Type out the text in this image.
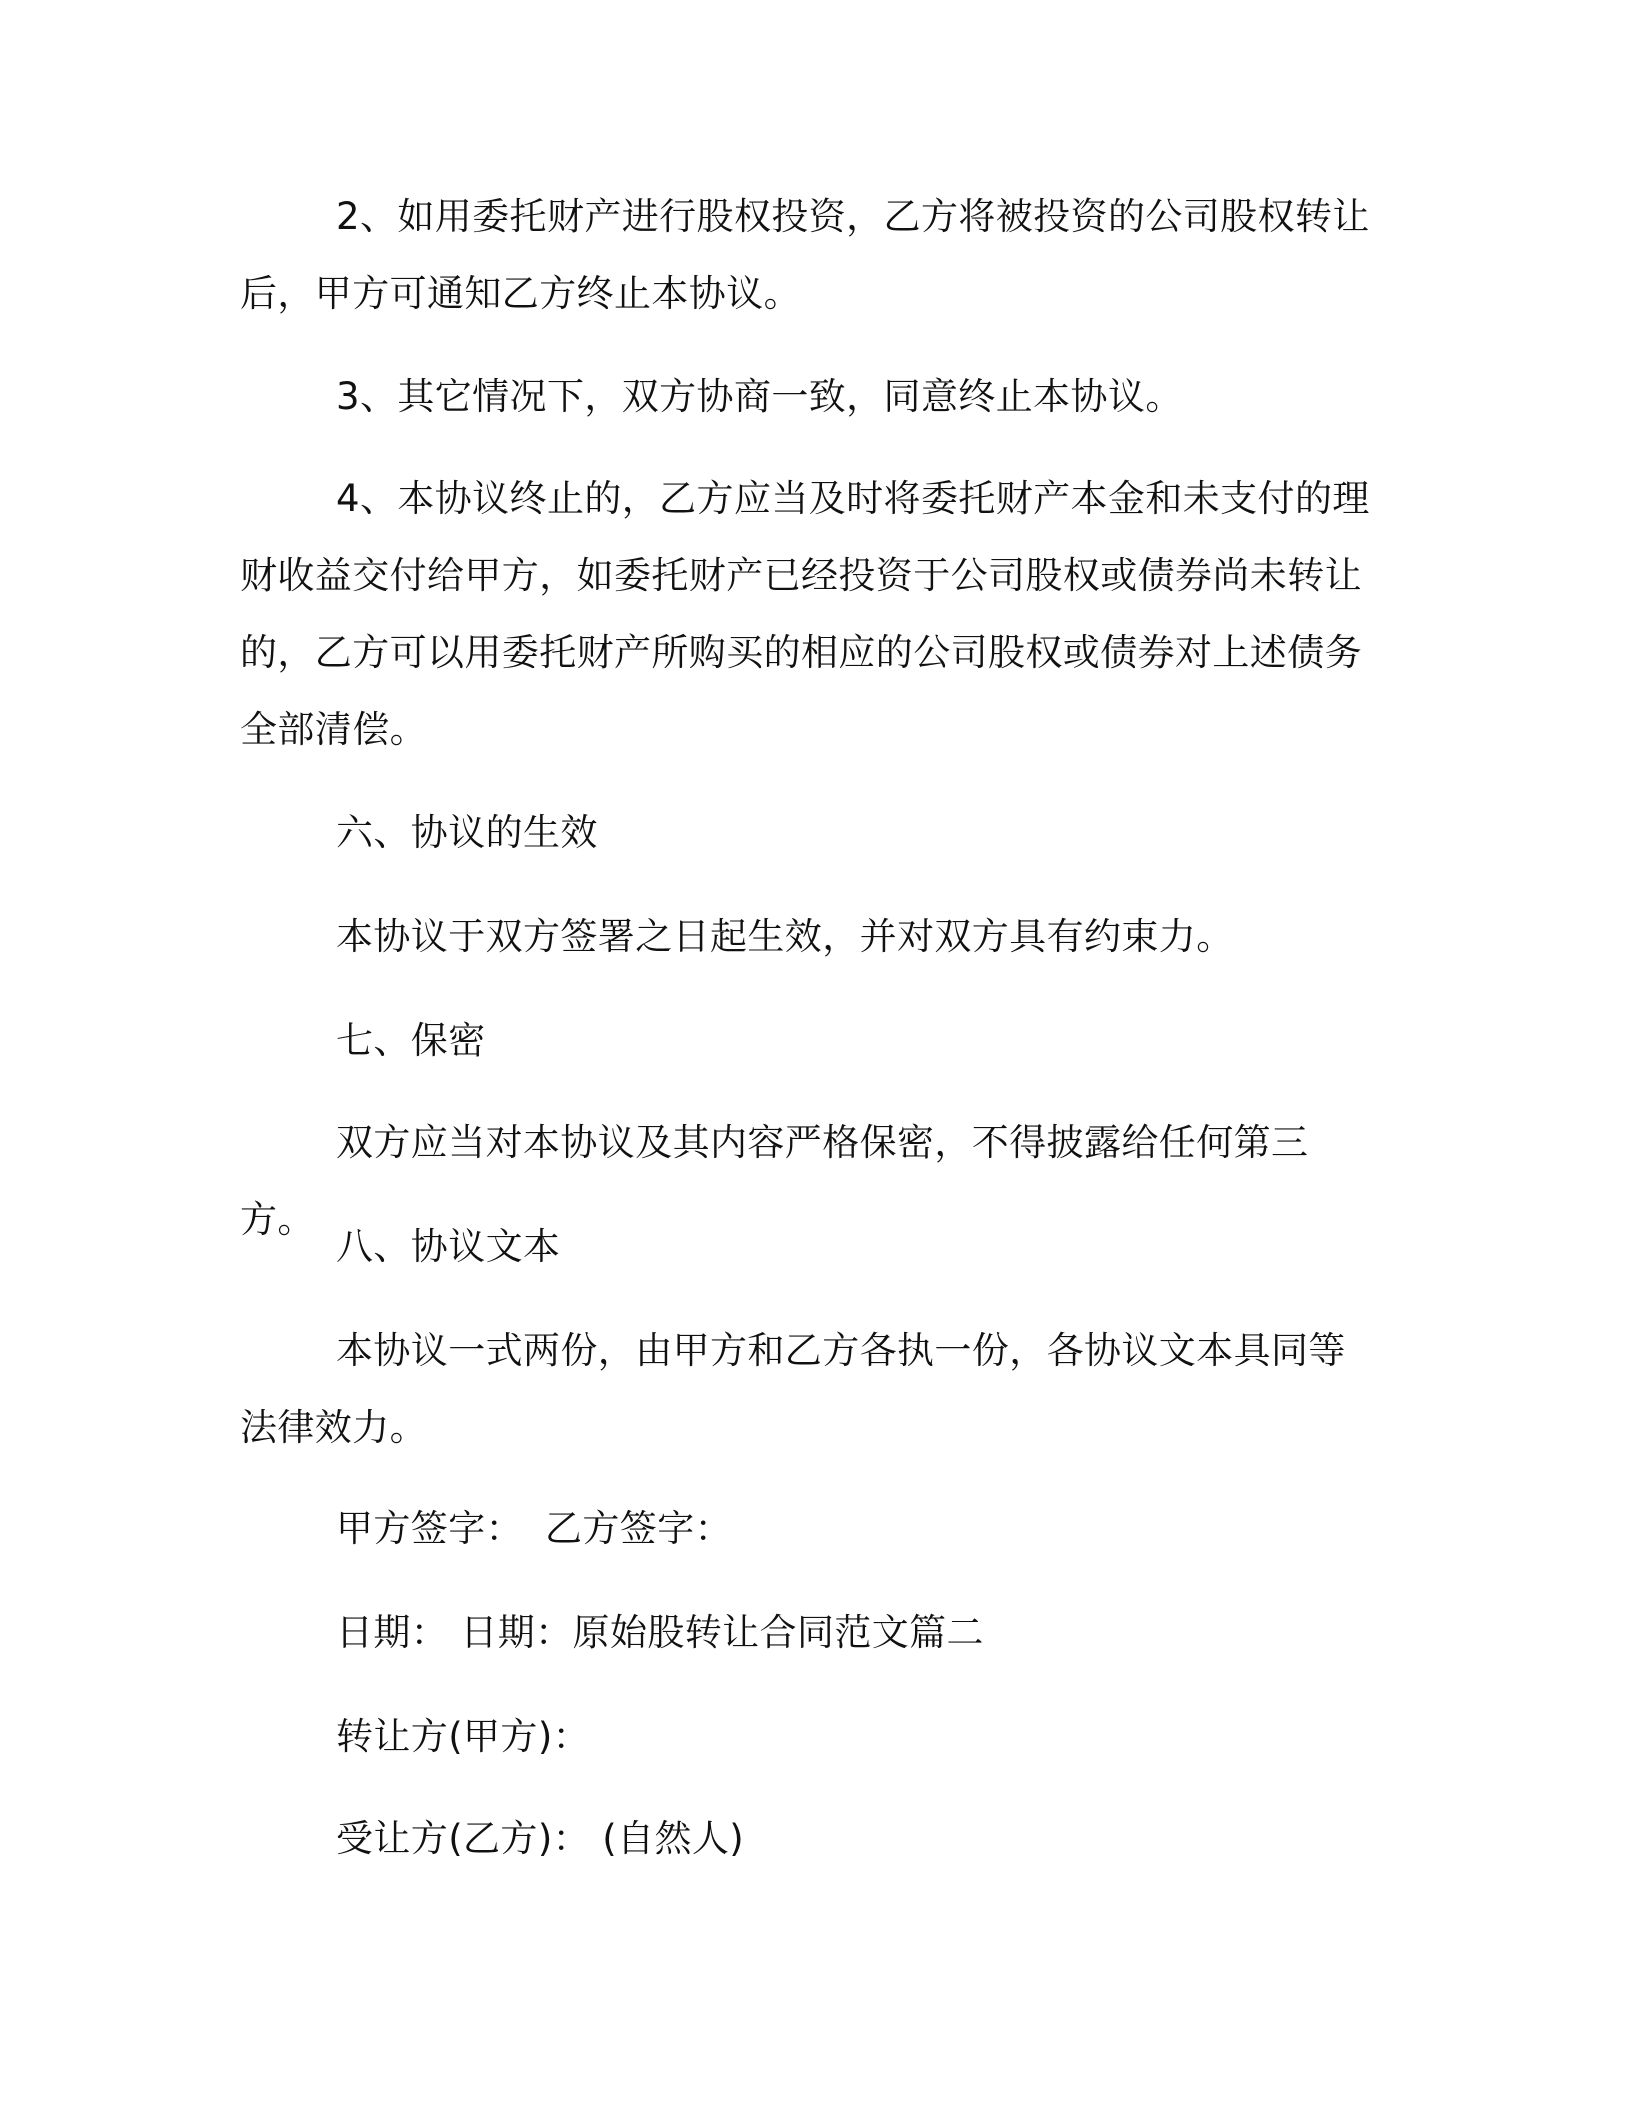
2、如用委托财产进行股权投资，乙方将被投资的公司股权转让后，甲方可通知乙方终止本协议。

3、其它情况下，双方协商一致，同意终止本协议。

4、本协议终止的，乙方应当及时将委托财产本金和未支付的理财收益交付给甲方，如委托财产已经投资于公司股权或债券尚未转让的，乙方可以用委托财产所购买的相应的公司股权或债券对上述债务全部清偿。

六、协议的生效

本协议于双方签署之日起生效，并对双方具有约束力。

七、保密

双方应当对本协议及其内容严格保密，不得披露给任何第三方。

八、协议文本

本协议一式两份，由甲方和乙方各执一份，各协议文本具同等法律效力。

甲方签字： 乙方签字：

日期： 日期：原始股转让合同范文篇二

转让方(甲方)：

受让方(乙方)： (自然人)
